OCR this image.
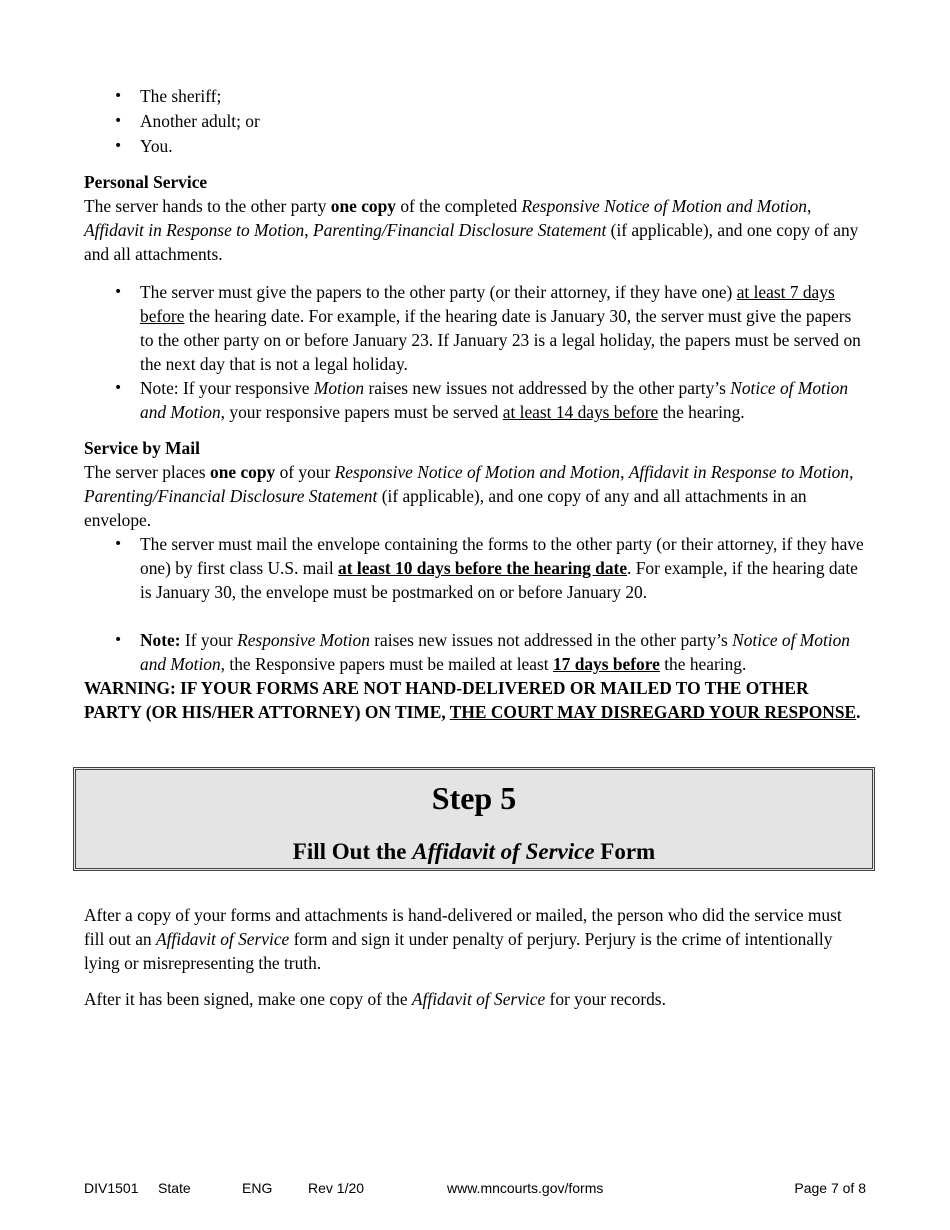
• The sheriff;
• Another adult; or
• You.

Personal Service

The server hands to the other party one copy of the completed Responsive Notice of Motion and Motion, Affidavit in Response to Motion, Parenting/Financial Disclosure Statement (if applicable), and one copy of any and all attachments.

• The server must give the papers to the other party (or their attorney, if they have one) at least 7 days before the hearing date. For example, if the hearing date is January 30, the server must give the papers to the other party on or before January 23. If January 23 is a legal holiday, the papers must be served on the next day that is not a legal holiday.
• Note: If your responsive Motion raises new issues not addressed by the other party’s Notice of Motion and Motion, your responsive papers must be served at least 14 days before the hearing.

Service by Mail

The server places one copy of your Responsive Notice of Motion and Motion, Affidavit in Response to Motion, Parenting/Financial Disclosure Statement (if applicable), and one copy of any and all attachments in an envelope.

• The server must mail the envelope containing the forms to the other party (or their attorney, if they have one) by first class U.S. mail at least 10 days before the hearing date. For example, if the hearing date is January 30, the envelope must be postmarked on or before January 20.
• Note: If your Responsive Motion raises new issues not addressed in the other party’s Notice of Motion and Motion, the Responsive papers must be mailed at least 17 days before the hearing.

WARNING: IF YOUR FORMS ARE NOT HAND-DELIVERED OR MAILED TO THE OTHER PARTY (OR HIS/HER ATTORNEY) ON TIME, THE COURT MAY DISREGARD YOUR RESPONSE.

Step 5
Fill Out the Affidavit of Service Form

After a copy of your forms and attachments is hand-delivered or mailed, the person who did the service must fill out an Affidavit of Service form and sign it under penalty of perjury. Perjury is the crime of intentionally lying or misrepresenting the truth.

After it has been signed, make one copy of the Affidavit of Service for your records.

DIV1501 State	ENG	Rev 1/20	www.mncourts.gov/forms	Page 7 of 8
